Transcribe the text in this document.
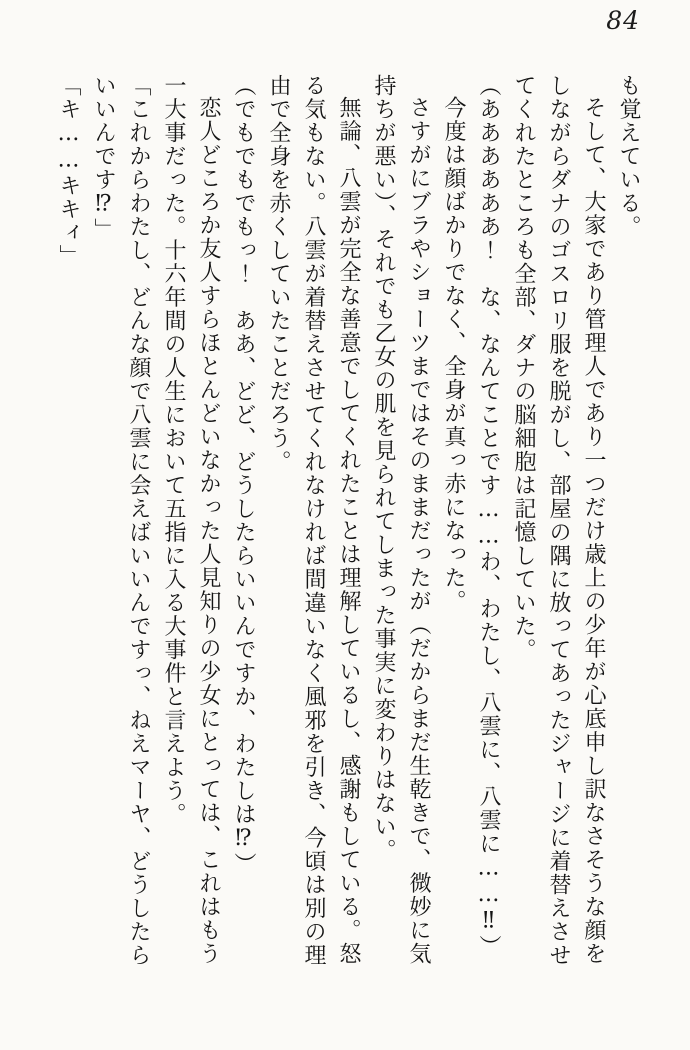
84

も覚えている。

そして、大家であり管理人であり一つだけ歳上の少年が心底申し訳なさそうな顔をしながらダナのゴスロリ服を脱がし、部屋の隅に放ってあったジャージに着替えさせてくれたところも全部、ダナの脳細胞は記憶していた。

（ああああああ！　な、なんてことです……わ、わたし、八雲に、八雲に……‼）

今度は顔ばかりでなく、全身が真っ赤になった。

さすがにブラやショーツまではそのままだったが（だからまだ生乾きで、微妙に気持ちが悪い）、それでも乙女の肌を見られてしまった事実に変わりはない。

無論、八雲が完全な善意でしてくれたことは理解しているし、感謝もしている。怒る気もない。八雲が着替えさせてくれなければ間違いなく風邪を引き、今頃は別の理由で全身を赤くしていたことだろう。

（でもでもでもっ！　ああ、どど、どうしたらいいんですか、わたしは⁉）

恋人どころか友人すらほとんどいなかった人見知りの少女にとっては、これはもう一大事だった。十六年間の人生において五指に入る大事件と言えよう。

「これからわたし、どんな顔で八雲に会えばいいんですっ、ねえマーヤ、どうしたらいいんです⁉」

「キ……キキィ」
